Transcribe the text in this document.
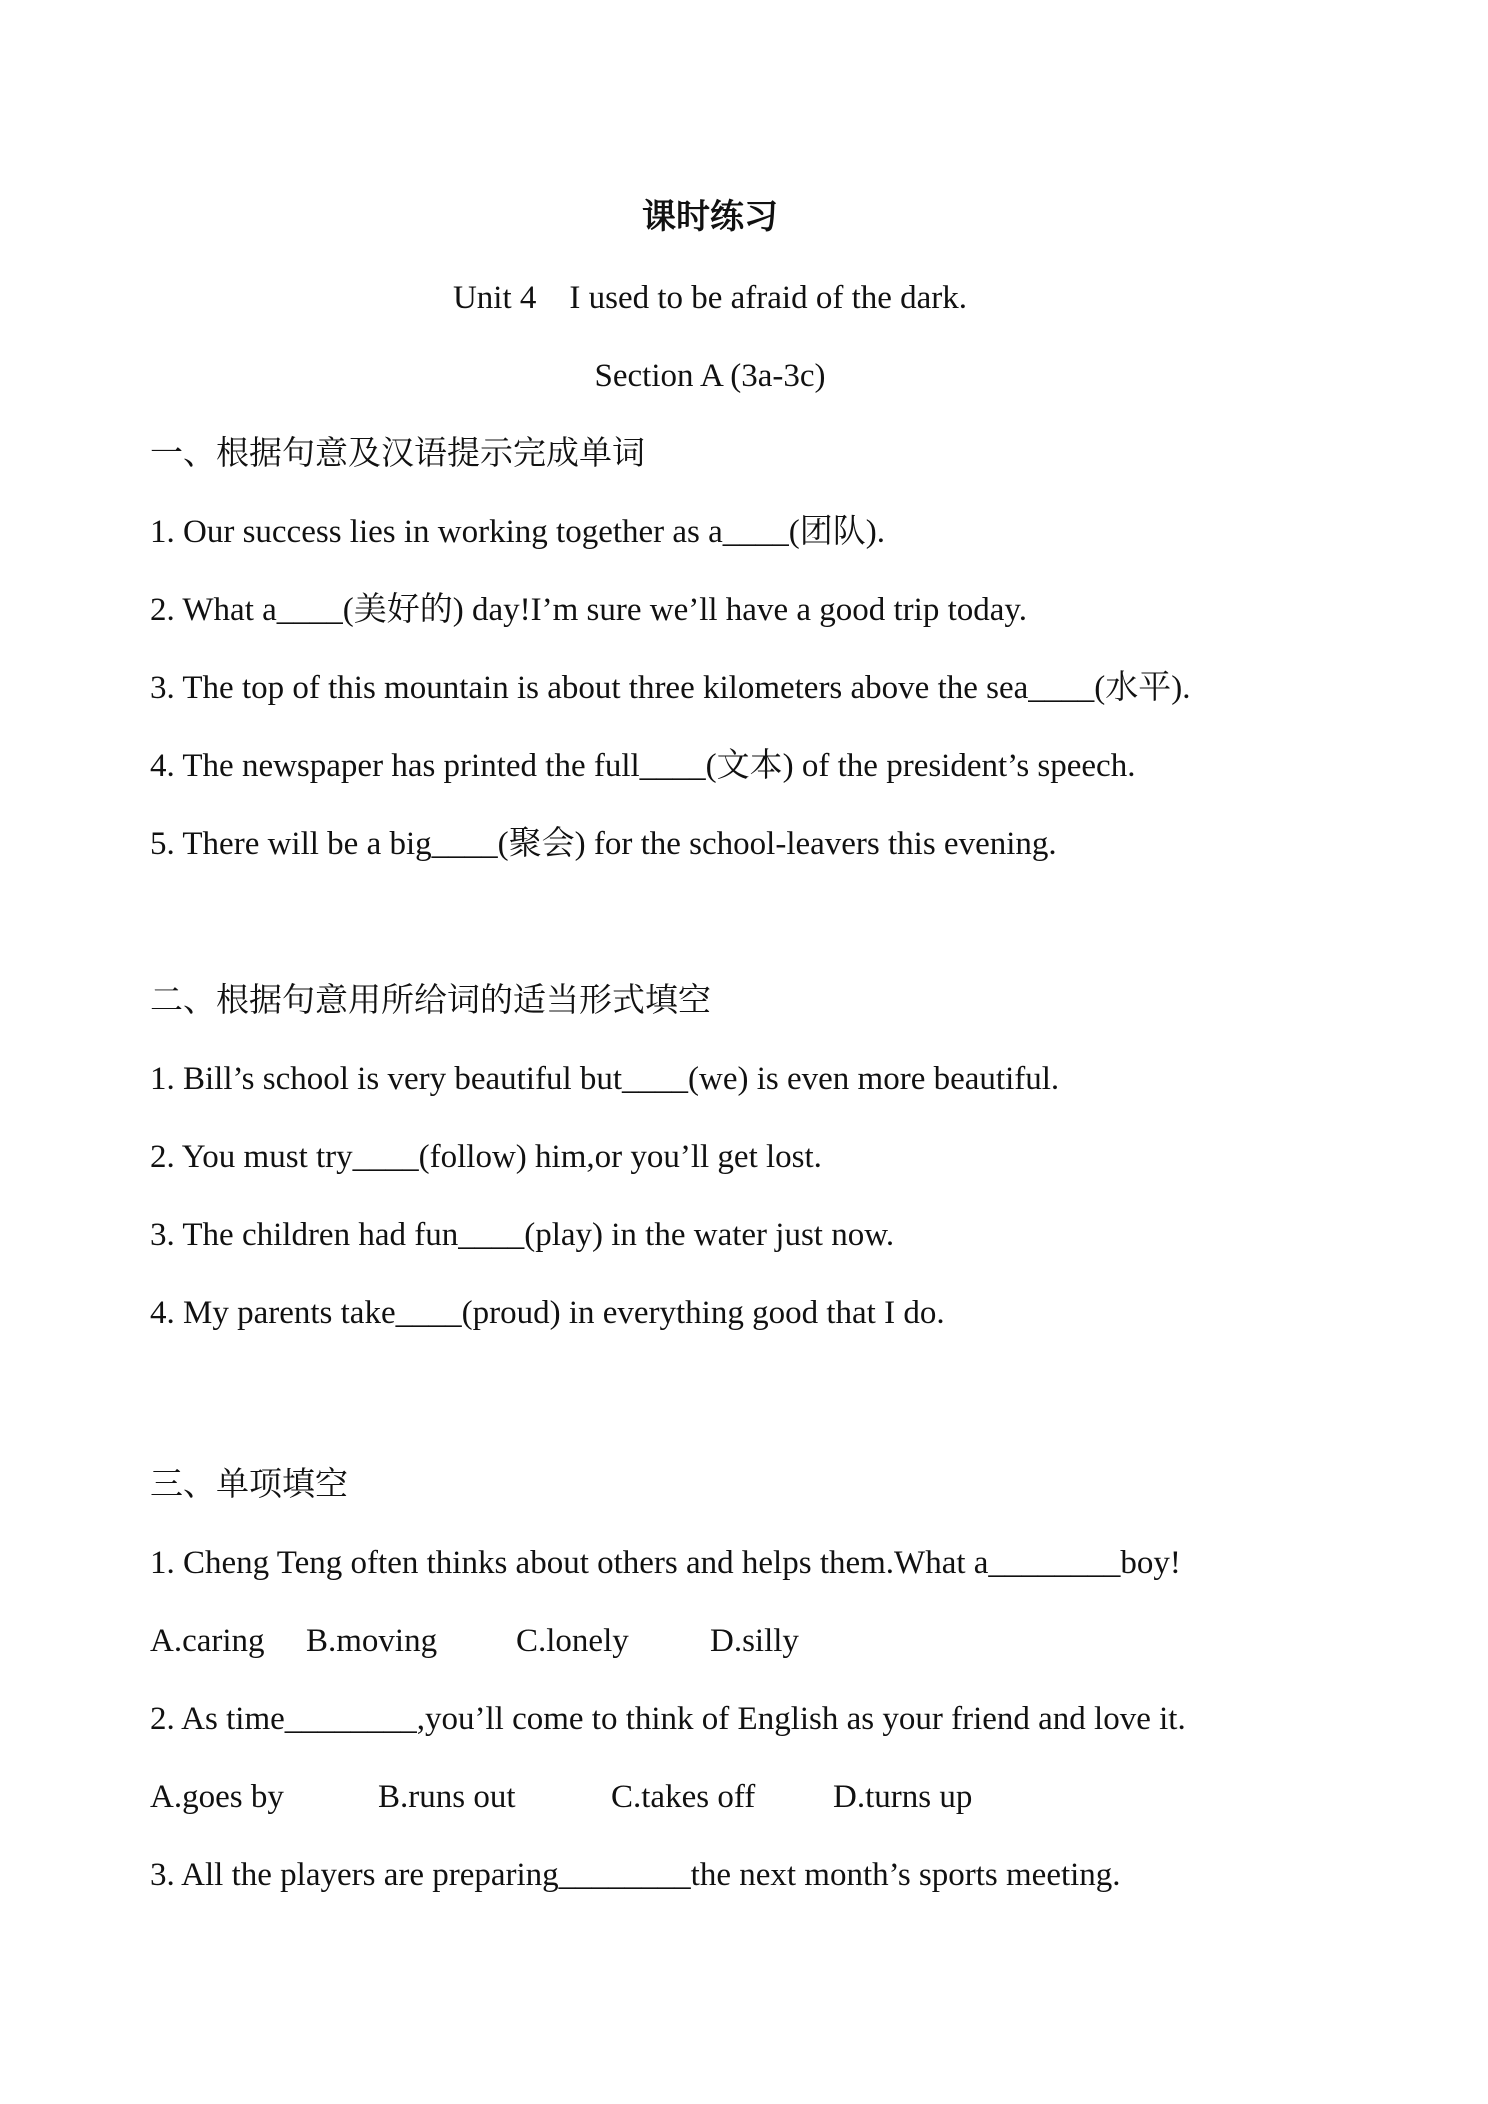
课时练习
Unit 4    I used to be afraid of the dark.
Section A (3a-3c)
一、根据句意及汉语提示完成单词
1. Our success lies in working together as a____(团队).
2. What a____(美好的) day!I’m sure we’ll have a good trip today.
3. The top of this mountain is about three kilometers above the sea____(水平).
4. The newspaper has printed the full____(文本) of the president’s speech.
5. There will be a big____(聚会) for the school-leavers this evening.
二、根据句意用所给词的适当形式填空
1. Bill’s school is very beautiful but____(we) is even more beautiful.
2. You must try____(follow) him,or you’ll get lost.
3. The children had fun____(play) in the water just now.
4. My parents take____(proud) in everything good that I do.
三、单项填空
1. Cheng Teng often thinks about others and helps them.What a________boy!
A.caring B.moving C.lonely D.silly
2. As time________,you’ll come to think of English as your friend and love it.
A.goes by	B.runs out	C.takes off D.turns up
3. All the players are preparing________the next month’s sports meeting.
